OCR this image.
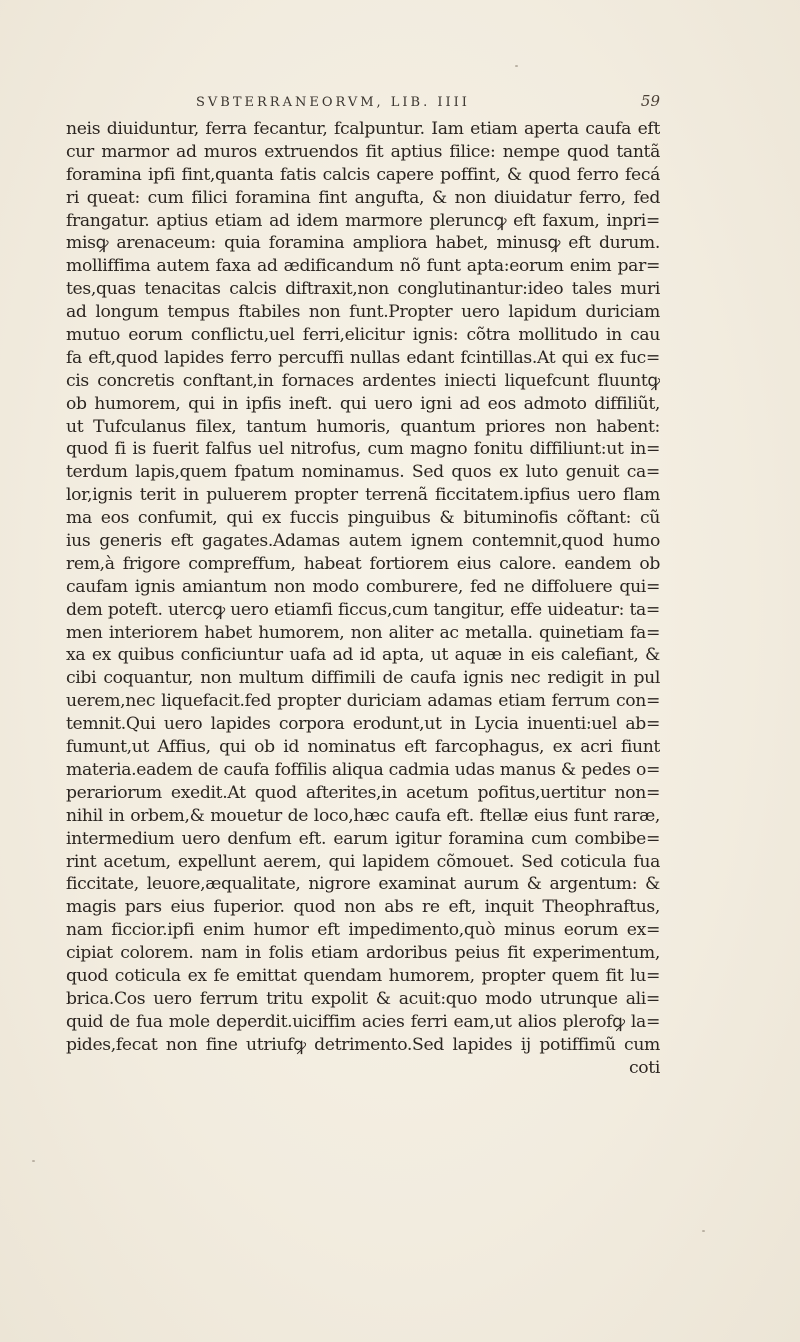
SVBTERRANEORVM, LIB. IIII	59
neis diuiduntur, ferra fecantur, fcalpuntur. Iam etiam aperta caufa eft
cur marmor ad muros extruendos fit aptius filice: nempe quod tantã
foramina ipfi fint,quanta fatis calcis capere poffint, & quod ferro fecá
ri queat: cum filici foramina fint angufta, & non diuidatur ferro, fed
frangatur. aptius etiam ad idem marmore pleruncꝙ eft faxum, inpri=
misꝙ arenaceum: quia foramina ampliora habet, minusꝙ eft durum.
molliffima autem faxa ad ædificandum nõ funt apta:eorum enim par=
tes,quas tenacitas calcis diftraxit,non conglutinantur:ideo tales muri
ad longum tempus ftabiles non funt.Propter uero lapidum duriciam
mutuo eorum conflictu,uel ferri,elicitur ignis: cõtra mollitudo in cau
fa eft,quod lapides ferro percuffi nullas edant fcintillas.At qui ex fuc=
cis concretis conftant,in fornaces ardentes iniecti liquefcunt fluuntꝙ
ob humorem, qui in ipfis ineft. qui uero igni ad eos admoto diffiliũt,
ut Tufculanus filex, tantum humoris, quantum priores non habent:
quod fi is fuerit falfus uel nitrofus, cum magno fonitu diffiliunt:ut in=
terdum lapis,quem fpatum nominamus. Sed quos ex luto genuit ca=
lor,ignis terit in puluerem propter terrenã ficcitatem.ipfius uero flam
ma eos confumit, qui ex fuccis pinguibus & bituminofis cõftant: cũ
ius generis eft gagates.Adamas autem ignem contemnit,quod humo
rem,à frigore compreffum, habeat fortiorem eius calore. eandem ob
caufam ignis amiantum non modo comburere, fed ne diffoluere qui=
dem poteft. utercꝙ uero etiamfi ficcus,cum tangitur, effe uideatur: ta=
men interiorem habet humorem, non aliter ac metalla. quinetiam fa=
xa ex quibus conficiuntur uafa ad id apta, ut aquæ in eis calefiant, &
cibi coquantur, non multum diffimili de caufa ignis nec redigit in pul
uerem,nec liquefacit.fed propter duriciam adamas etiam ferrum con=
temnit.Qui uero lapides corpora erodunt,ut in Lycia inuenti:uel ab=
fumunt,ut Affius, qui ob id nominatus eft farcophagus, ex acri fiunt
materia.eadem de caufa foffilis aliqua cadmia udas manus & pedes o=
perariorum exedit.At quod afterites,in acetum pofitus,uertitur non=
nihil in orbem,& mouetur de loco,hæc caufa eft. ftellæ eius funt raræ,
intermedium uero denfum eft. earum igitur foramina cum combibe=
rint acetum, expellunt aerem, qui lapidem cõmouet. Sed coticula fua
ficcitate, leuore,æqualitate, nigrore examinat aurum & argentum: &
magis pars eius fuperior. quod non abs re eft, inquit Theophraftus,
nam ficcior.ipfi enim humor eft impedimento,quò minus eorum ex=
cipiat colorem. nam in folis etiam ardoribus peius fit experimentum,
quod coticula ex fe emittat quendam humorem, propter quem fit lu=
brica.Cos uero ferrum tritu expolit & acuit:quo modo utrunque ali=
quid de fua mole deperdit.uiciffim acies ferri eam,ut alios plerofꝙ la=
pides,fecat non fine utriufꝙ detrimento.Sed lapides ij potiffimũ cum
coti
